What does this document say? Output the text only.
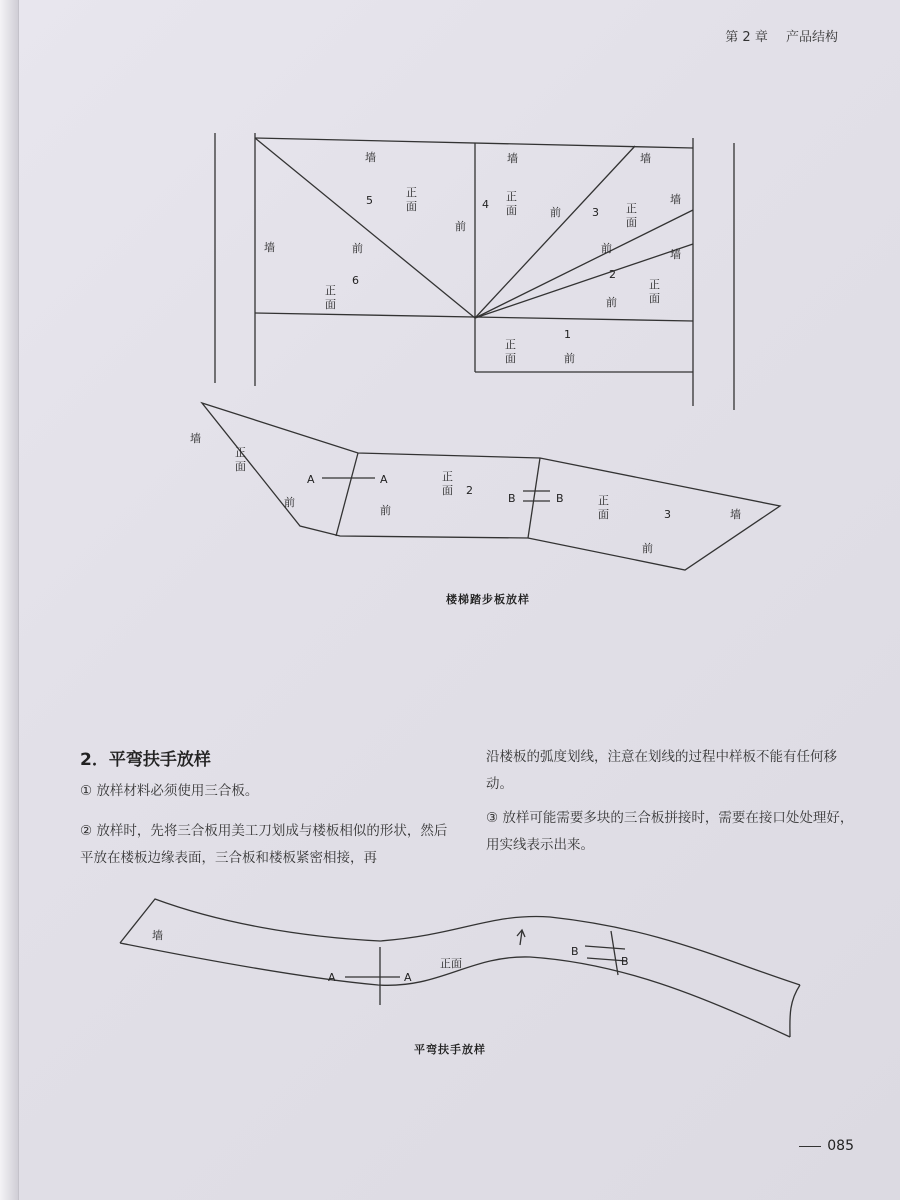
第 2 章 产品结构
墙	墙	墙
墙
墙
墙
5
正
面
前
4
正
面	前	3 正
面
前
2
正
面
前
前
6
正
面
1
正
面	前
墙
正
面
前
A	A
前
正
面 2
B	B	正
面	3	墙
前
楼梯踏步板放样
2．平弯扶手放样

① 放样材料必须使用三合板。

② 放样时，先将三合板用美工刀划成与楼板相似的形状，然后平放在楼板边缘表面，三合板和楼板紧密相接，再

沿楼板的弧度划线，注意在划线的过程中样板不能有任何移动。

③ 放样可能需要多块的三合板拼接时，需要在接口处处理好，用实线表示出来。

墙
正面
A	A
B
B
平弯扶手放样
085
